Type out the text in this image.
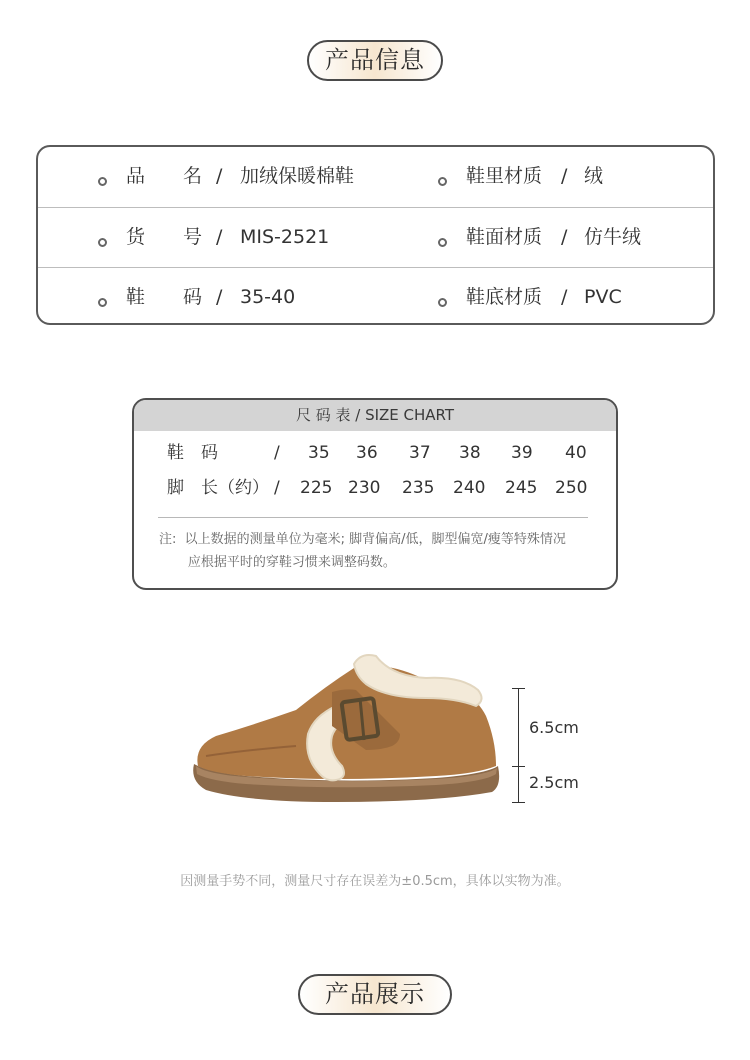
产品信息
品　　名 / 加绒保暖棉鞋	鞋里材质 / 绒
货　　号 / MIS-2521	鞋面材质 / 仿牛绒
鞋　　码 / 35-40	鞋底材质 / PVC
尺 码 表 / SIZE CHART
鞋　码	/ 35 36 37 38 39 40
脚　长（约） / 225 230 235 240 245 250
注:  以上数据的测量单位为毫米; 脚背偏高/低，脚型偏宽/瘦等特殊情况
应根据平时的穿鞋习惯来调整码数。
6.5cm
2.5cm
因测量手势不同，测量尺寸存在误差为±0.5cm，具体以实物为准。
产品展示
